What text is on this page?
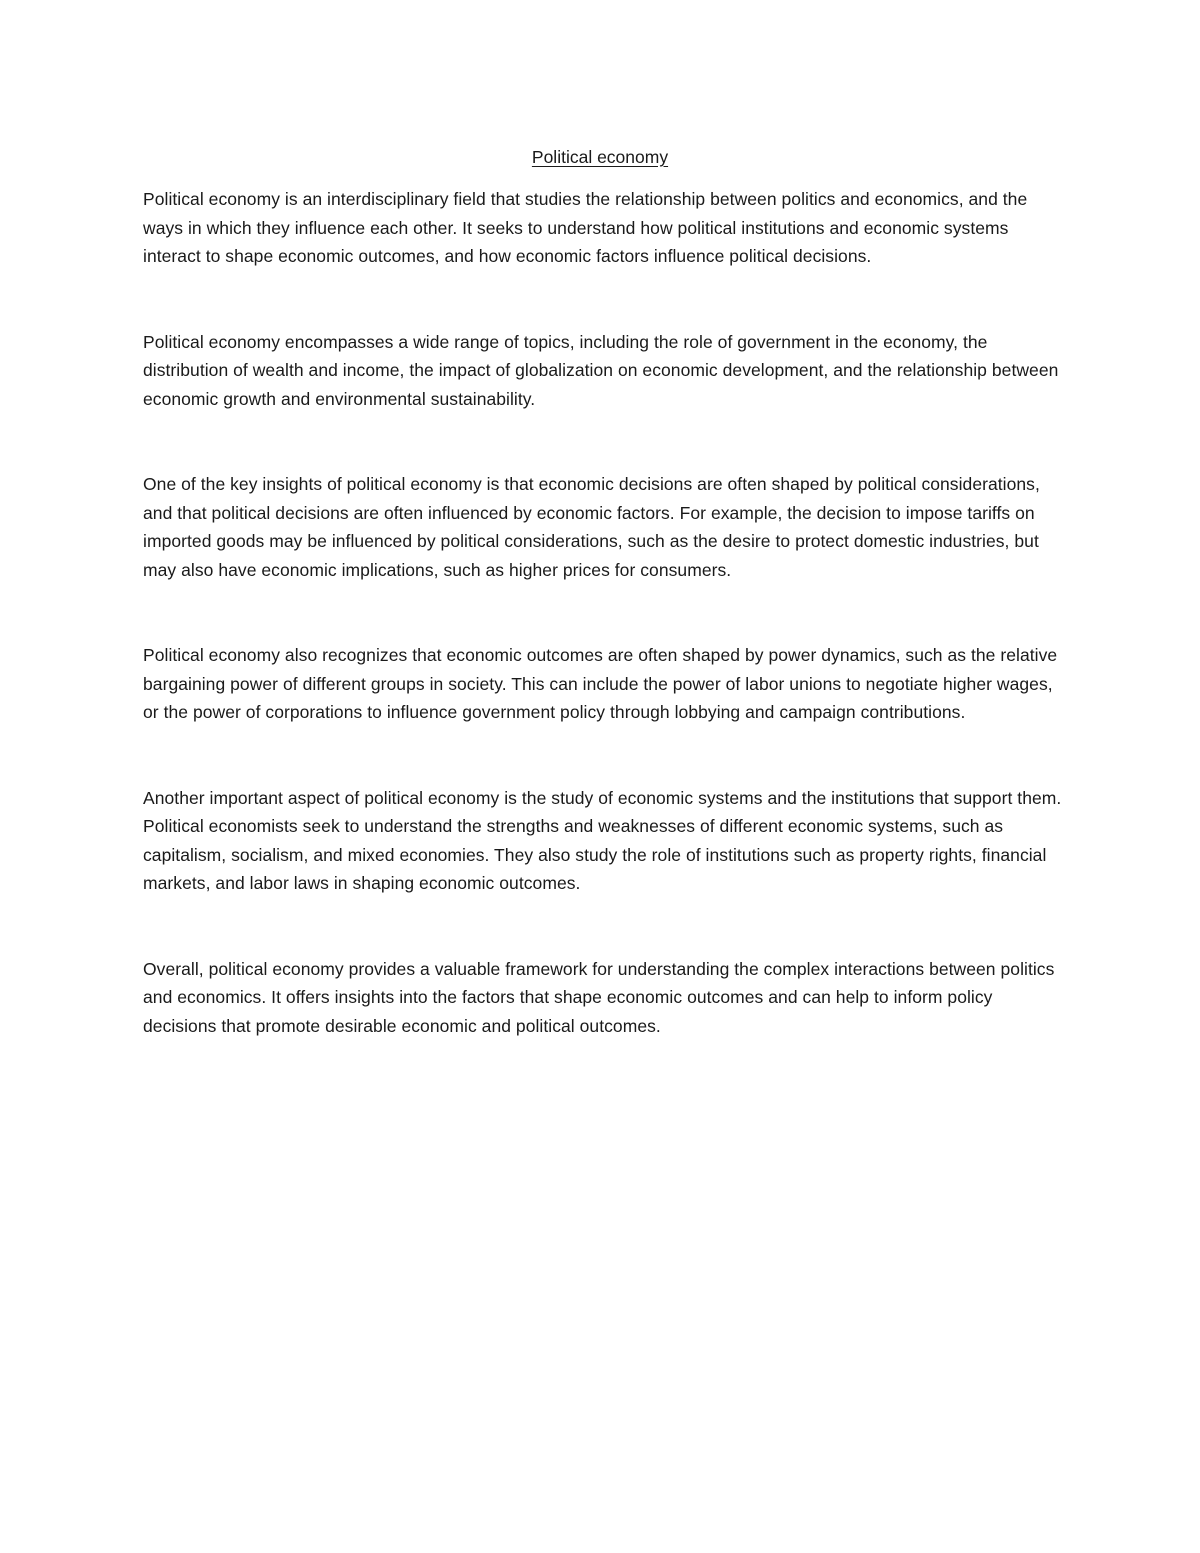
Political economy

Political economy is an interdisciplinary field that studies the relationship between politics and economics, and the ways in which they influence each other. It seeks to understand how political institutions and economic systems interact to shape economic outcomes, and how economic factors influence political decisions.

Political economy encompasses a wide range of topics, including the role of government in the economy, the distribution of wealth and income, the impact of globalization on economic development, and the relationship between economic growth and environmental sustainability.

One of the key insights of political economy is that economic decisions are often shaped by political considerations, and that political decisions are often influenced by economic factors. For example, the decision to impose tariffs on imported goods may be influenced by political considerations, such as the desire to protect domestic industries, but may also have economic implications, such as higher prices for consumers.

Political economy also recognizes that economic outcomes are often shaped by power dynamics, such as the relative bargaining power of different groups in society. This can include the power of labor unions to negotiate higher wages, or the power of corporations to influence government policy through lobbying and campaign contributions.

Another important aspect of political economy is the study of economic systems and the institutions that support them. Political economists seek to understand the strengths and weaknesses of different economic systems, such as capitalism, socialism, and mixed economies. They also study the role of institutions such as property rights, financial markets, and labor laws in shaping economic outcomes.

Overall, political economy provides a valuable framework for understanding the complex interactions between politics and economics. It offers insights into the factors that shape economic outcomes and can help to inform policy decisions that promote desirable economic and political outcomes.
